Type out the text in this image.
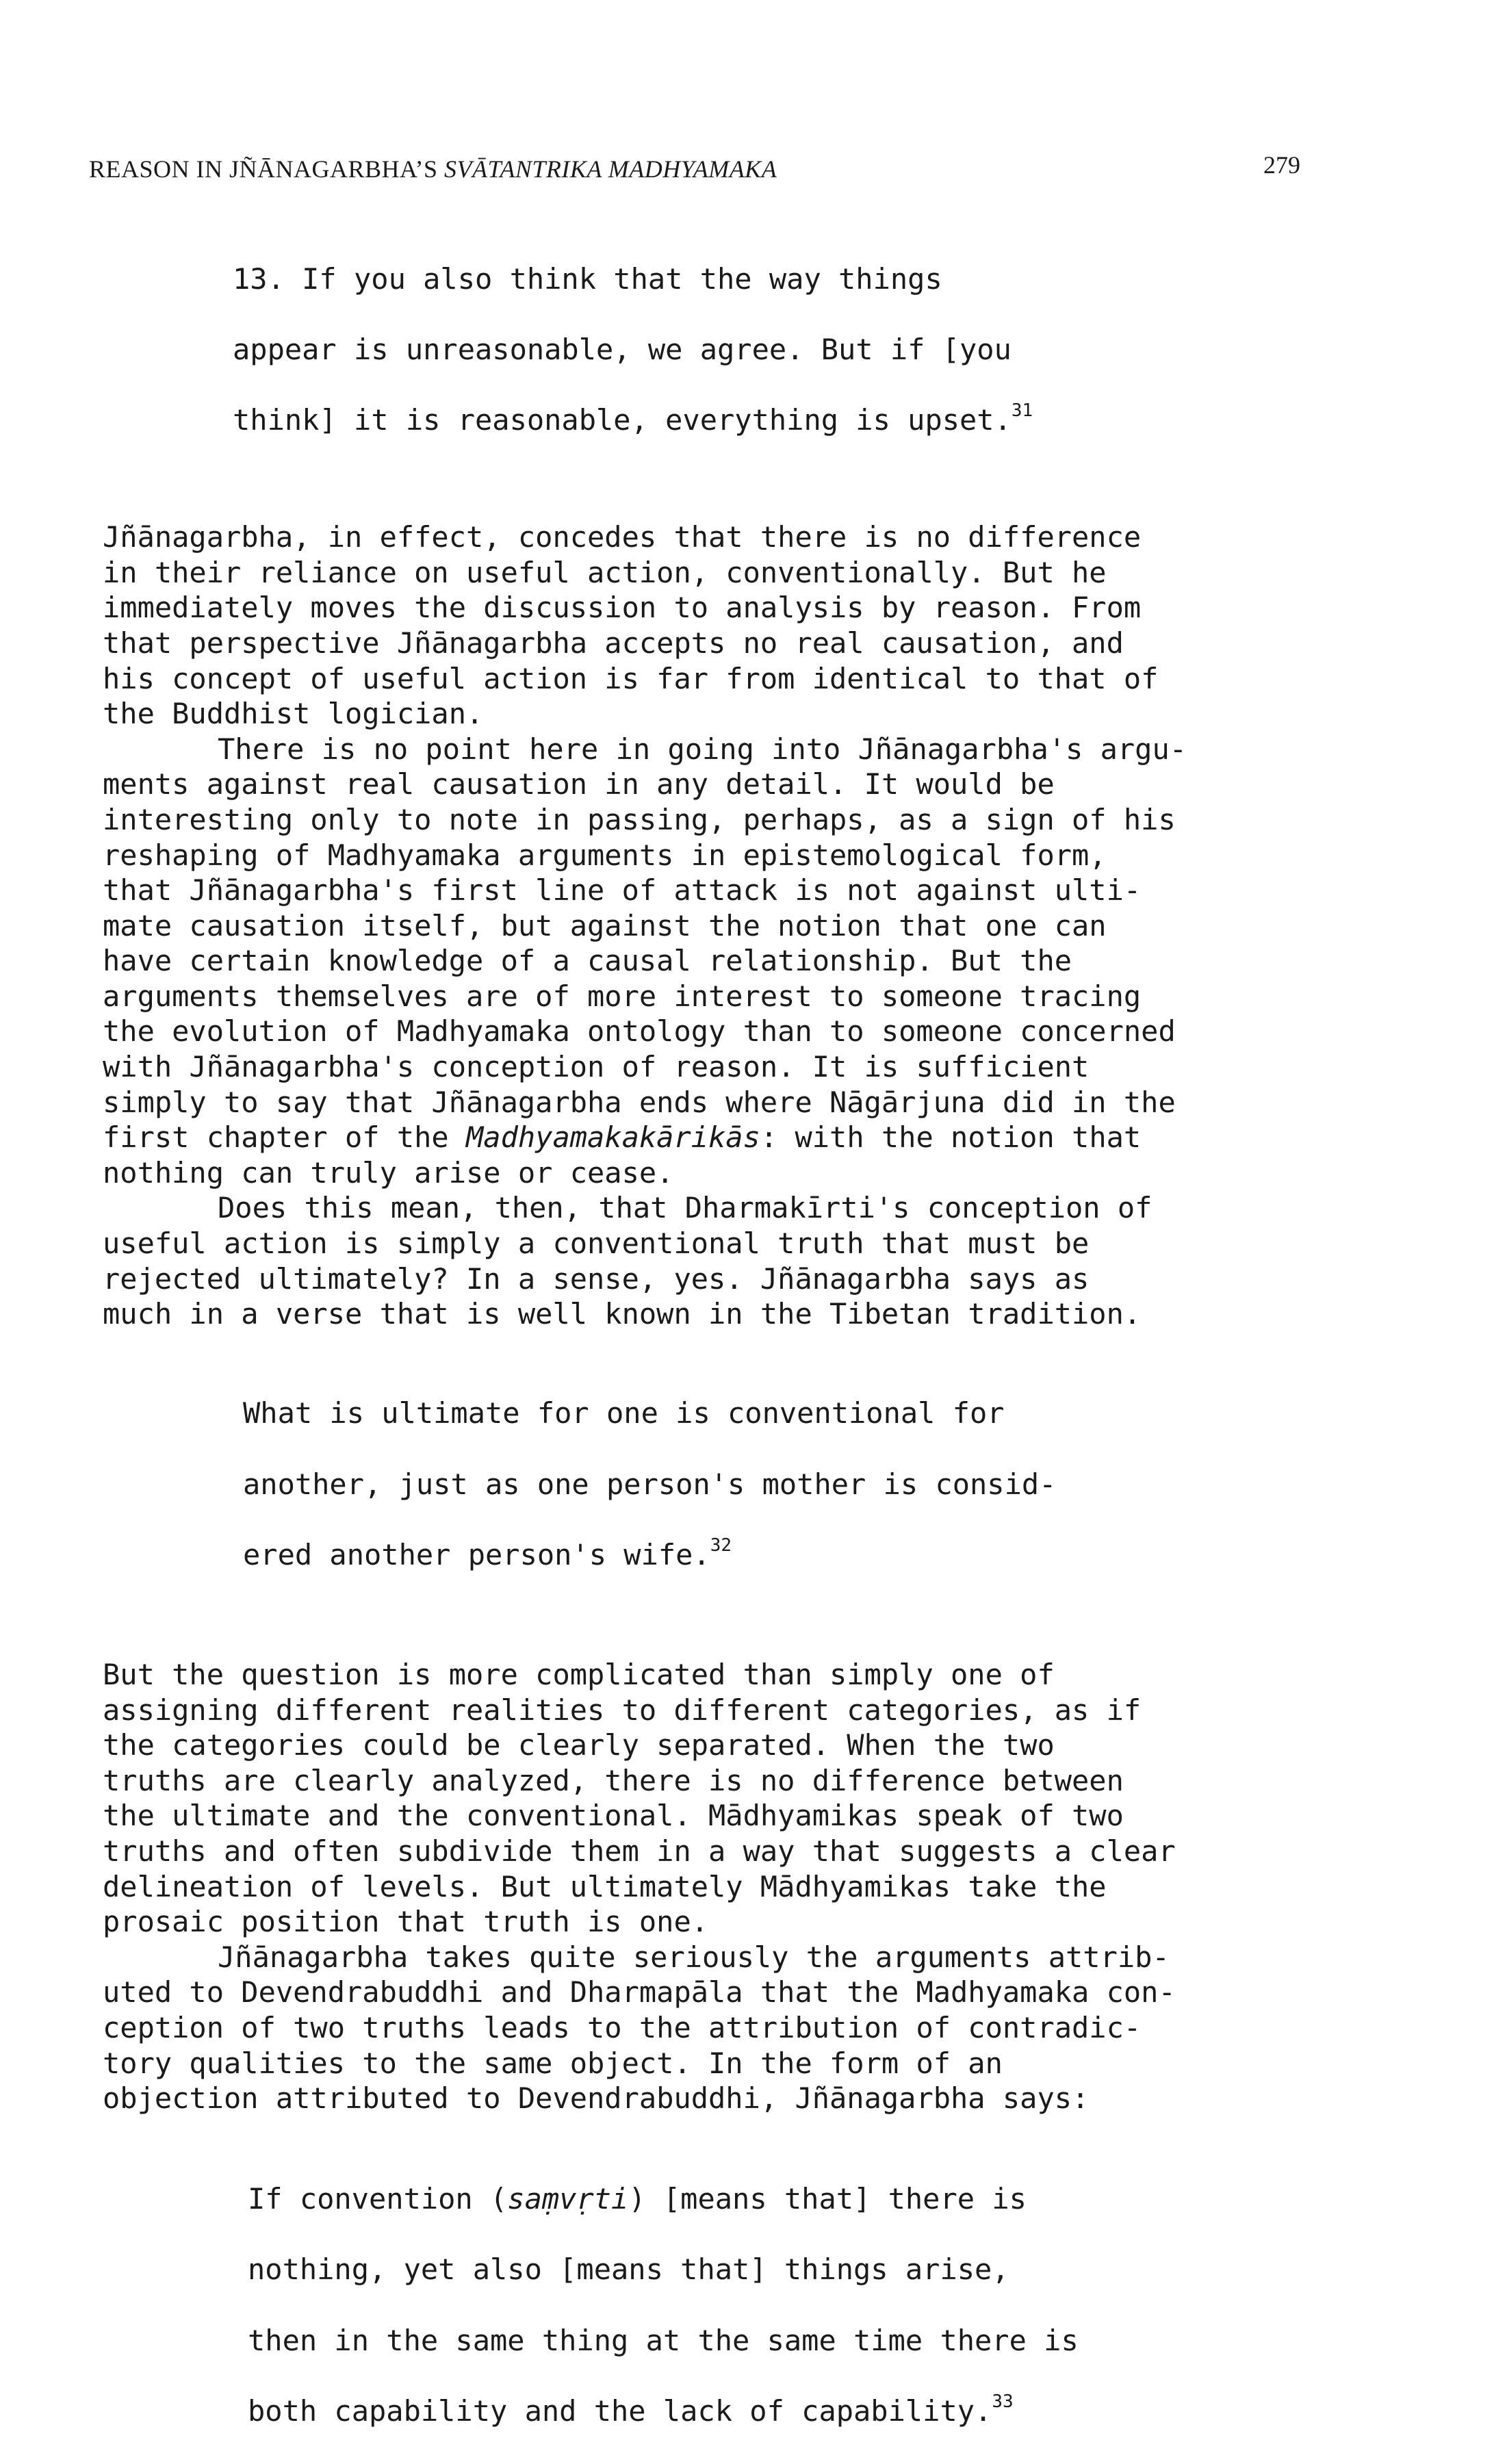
REASON IN JÑĀNAGARBHA’S SVĀTANTRIKA MADHYAMAKA	279

13. If you also think that the way things

appear is unreasonable, we agree. But if [you

think] it is reasonable, everything is upset.$^{31}$

Jñānagarbha, in effect, concedes that there is no difference
in their reliance on useful action, conventionally. But he
immediately moves the discussion to analysis by reason. From
that perspective Jñānagarbha accepts no real causation, and
his concept of useful action is far from identical to that of
the Buddhist logician.
There is no point here in going into Jñānagarbha's argu-
ments against real causation in any detail. It would be
interesting only to note in passing, perhaps, as a sign of his
reshaping of Madhyamaka arguments in epistemological form,
that Jñānagarbha's first line of attack is not against ulti-
mate causation itself, but against the notion that one can
have certain knowledge of a causal relationship. But the
arguments themselves are of more interest to someone tracing
the evolution of Madhyamaka ontology than to someone concerned
with Jñānagarbha's conception of reason. It is sufficient
simply to say that Jñānagarbha ends where Nāgārjuna did in the
first chapter of the Madhyamakakārikās: with the notion that
nothing can truly arise or cease.
Does this mean, then, that Dharmakīrti's conception of
useful action is simply a conventional truth that must be
rejected ultimately? In a sense, yes. Jñānagarbha says as
much in a verse that is well known in the Tibetan tradition.

What is ultimate for one is conventional for

another, just as one person's mother is consid-

ered another person's wife.$^{32}$

But the question is more complicated than simply one of
assigning different realities to different categories, as if
the categories could be clearly separated. When the two
truths are clearly analyzed, there is no difference between
the ultimate and the conventional. Mādhyamikas speak of two
truths and often subdivide them in a way that suggests a clear
delineation of levels. But ultimately Mādhyamikas take the
prosaic position that truth is one.
Jñānagarbha takes quite seriously the arguments attrib-
uted to Devendrabuddhi and Dharmapāla that the Madhyamaka con-
ception of two truths leads to the attribution of contradic-
tory qualities to the same object. In the form of an
objection attributed to Devendrabuddhi, Jñānagarbha says:

If convention (saṃvṛti) [means that] there is

nothing, yet also [means that] things arise,

then in the same thing at the same time there is

both capability and the lack of capability.$^{33}$
